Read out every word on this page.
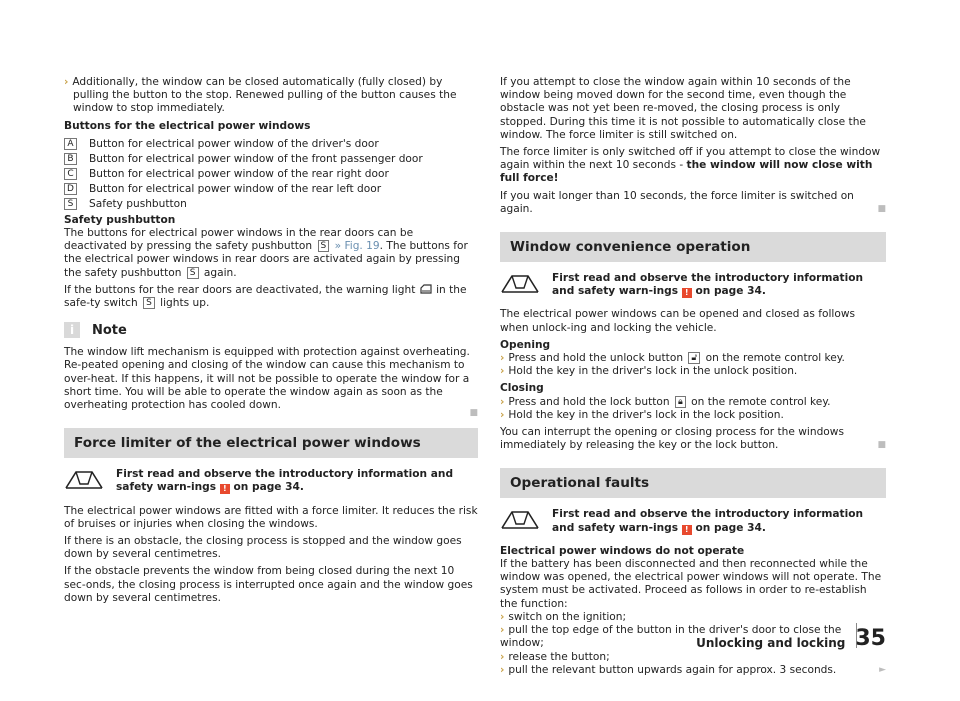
› Additionally, the window can be closed automatically (fully closed) by pulling the button to the stop. Renewed pulling of the button causes the window to stop immediately.

Buttons for the electrical power windows

A	Button for electrical power window of the driver's door
B	Button for electrical power window of the front passenger door
C	Button for electrical power window of the rear right door
D Button for electrical power window of the rear left door
S	Safety pushbutton

Safety pushbutton
The buttons for electrical power windows in the rear doors can be deactivated by pressing the safety pushbutton S » Fig. 19. The buttons for the electrical power windows in rear doors are activated again by pressing the safety pushbutton S again.

If the buttons for the rear doors are deactivated, the warning light in the safe-ty switch S lights up.

i	Note

The window lift mechanism is equipped with protection against overheating. Re-peated opening and closing of the window can cause this mechanism to over-heat. If this happens, it will not be possible to operate the window for a short time. You will be able to operate the window again as soon as the overheating protection has cooled down.
■

Force limiter of the electrical power windows
First read and observe the introductory information and safety warn-ings ! on page 34.

The electrical power windows are fitted with a force limiter. It reduces the risk of bruises or injuries when closing the windows.

If there is an obstacle, the closing process is stopped and the window goes down by several centimetres.

If the obstacle prevents the window from being closed during the next 10 sec-onds, the closing process is interrupted once again and the window goes down by several centimetres.

If you attempt to close the window again within 10 seconds of the window being moved down for the second time, even though the obstacle was not yet been re-moved, the closing process is only stopped. During this time it is not possible to automatically close the window. The force limiter is still switched on.

The force limiter is only switched off if you attempt to close the window again within the next 10 seconds - the window will now close with full force!

If you wait longer than 10 seconds, the force limiter is switched on again.	■

Window convenience operation
First read and observe the introductory information and safety warn-ings ! on page 34.

The electrical power windows can be opened and closed as follows when unlock-ing and locking the vehicle.

Opening

› Press and hold the unlock button 🔓︎ on the remote control key.

› Hold the key in the driver's lock in the unlock position.

Closing

› Press and hold the lock button 🔒︎ on the remote control key.

› Hold the key in the driver's lock in the lock position.

You can interrupt the opening or closing process for the windows immediately by releasing the key or the lock button.	■

Operational faults
First read and observe the introductory information and safety warn-ings ! on page 34.

Electrical power windows do not operate

If the battery has been disconnected and then reconnected while the window was opened, the electrical power windows will not operate. The system must be activated. Proceed as follows in order to re-establish the function:

› switch on the ignition;

› pull the top edge of the button in the driver's door to close the window;

› release the button;

› pull the relevant button upwards again for approx. 3 seconds.	►

Unlocking and locking 35
